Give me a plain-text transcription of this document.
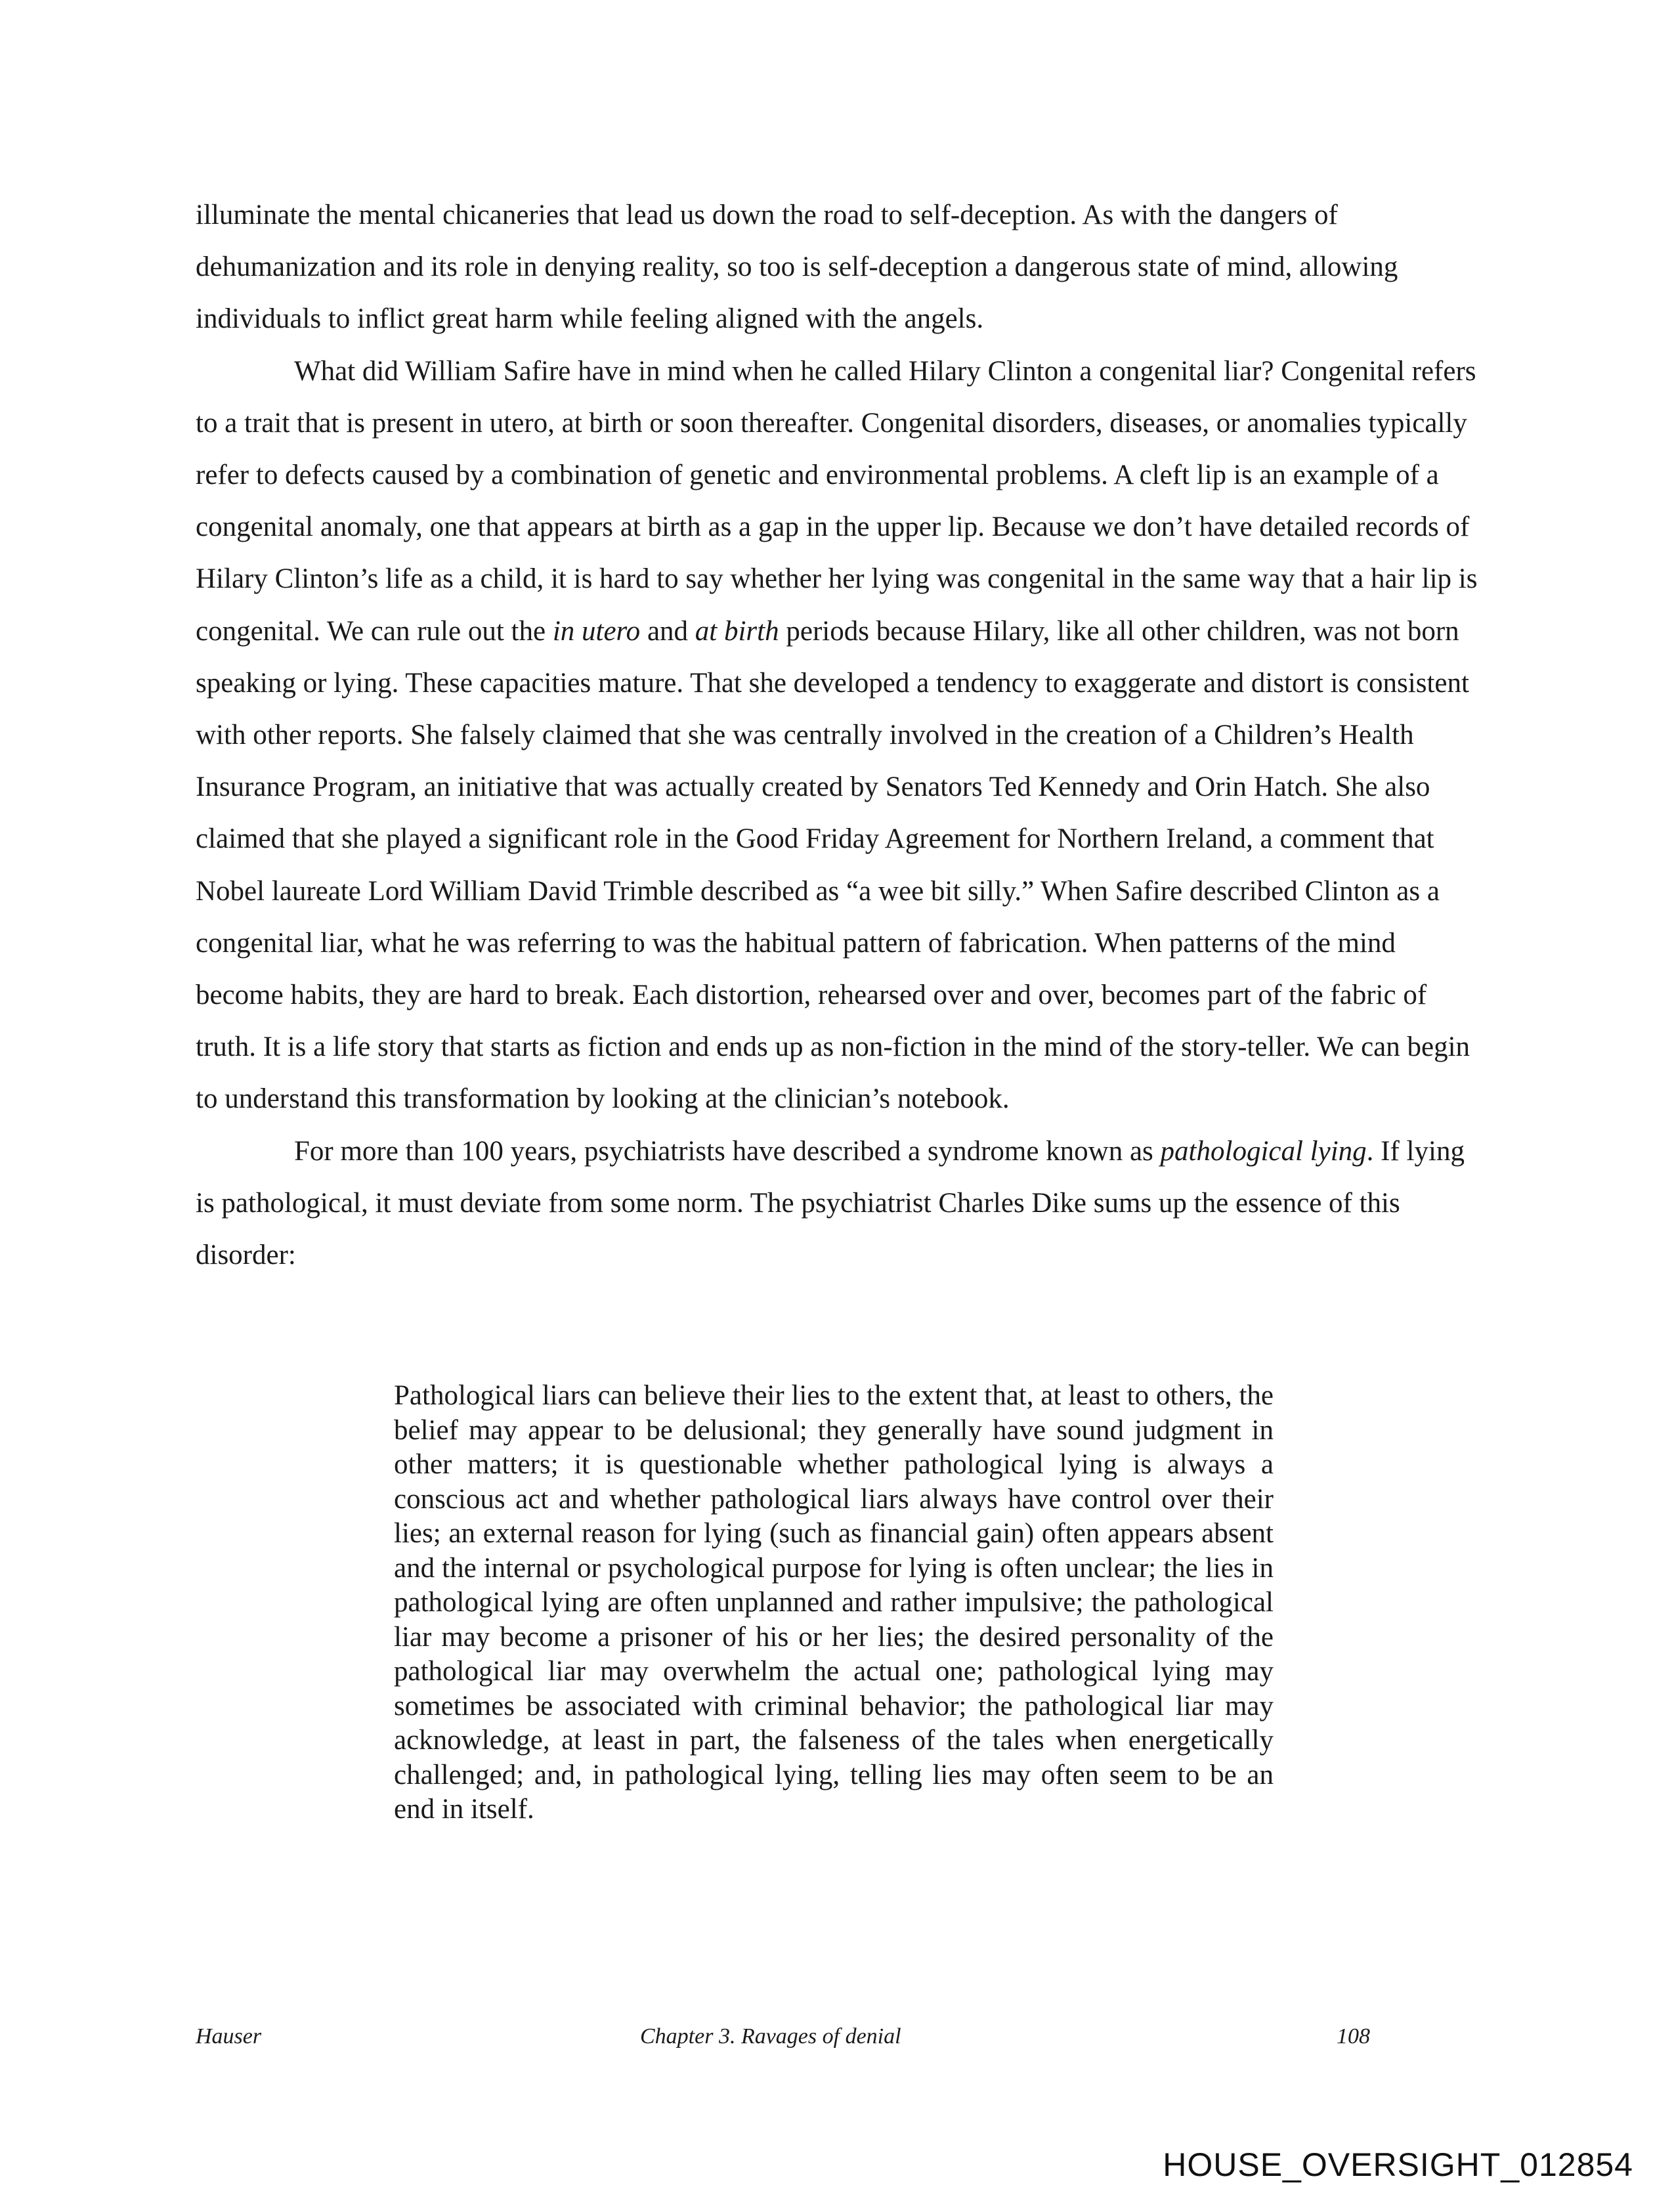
illuminate the mental chicaneries that lead us down the road to self-deception. As with the dangers of dehumanization and its role in denying reality, so too is self-deception a dangerous state of mind, allowing individuals to inflict great harm while feeling aligned with the angels.

What did William Safire have in mind when he called Hilary Clinton a congenital liar? Congenital refers to a trait that is present in utero, at birth or soon thereafter. Congenital disorders, diseases, or anomalies typically refer to defects caused by a combination of genetic and environmental problems. A cleft lip is an example of a congenital anomaly, one that appears at birth as a gap in the upper lip. Because we don’t have detailed records of Hilary Clinton’s life as a child, it is hard to say whether her lying was congenital in the same way that a hair lip is congenital. We can rule out the in utero and at birth periods because Hilary, like all other children, was not born speaking or lying. These capacities mature. That she developed a tendency to exaggerate and distort is consistent with other reports. She falsely claimed that she was centrally involved in the creation of a Children’s Health Insurance Program, an initiative that was actually created by Senators Ted Kennedy and Orin Hatch. She also claimed that she played a significant role in the Good Friday Agreement for Northern Ireland, a comment that Nobel laureate Lord William David Trimble described as “a wee bit silly.” When Safire described Clinton as a congenital liar, what he was referring to was the habitual pattern of fabrication. When patterns of the mind become habits, they are hard to break. Each distortion, rehearsed over and over, becomes part of the fabric of truth. It is a life story that starts as fiction and ends up as non-fiction in the mind of the story-teller. We can begin to understand this transformation by looking at the clinician’s notebook.

For more than 100 years, psychiatrists have described a syndrome known as pathological lying. If lying is pathological, it must deviate from some norm. The psychiatrist Charles Dike sums up the essence of this disorder:

Pathological liars can believe their lies to the extent that, at least to others, the belief may appear to be delusional; they generally have sound judgment in other matters; it is questionable whether pathological lying is always a conscious act and whether pathological liars always have control over their lies; an external reason for lying (such as financial gain) often appears absent and the internal or psychological purpose for lying is often unclear; the lies in pathological lying are often unplanned and rather impulsive; the pathological liar may become a prisoner of his or her lies; the desired personality of the pathological liar may overwhelm the actual one; pathological lying may sometimes be associated with criminal behavior; the pathological liar may acknowledge, at least in part, the falseness of the tales when energetically challenged; and, in pathological lying, telling lies may often seem to be an end in itself.
Hauser	Chapter 3. Ravages of denial	108
HOUSE_OVERSIGHT_012854
